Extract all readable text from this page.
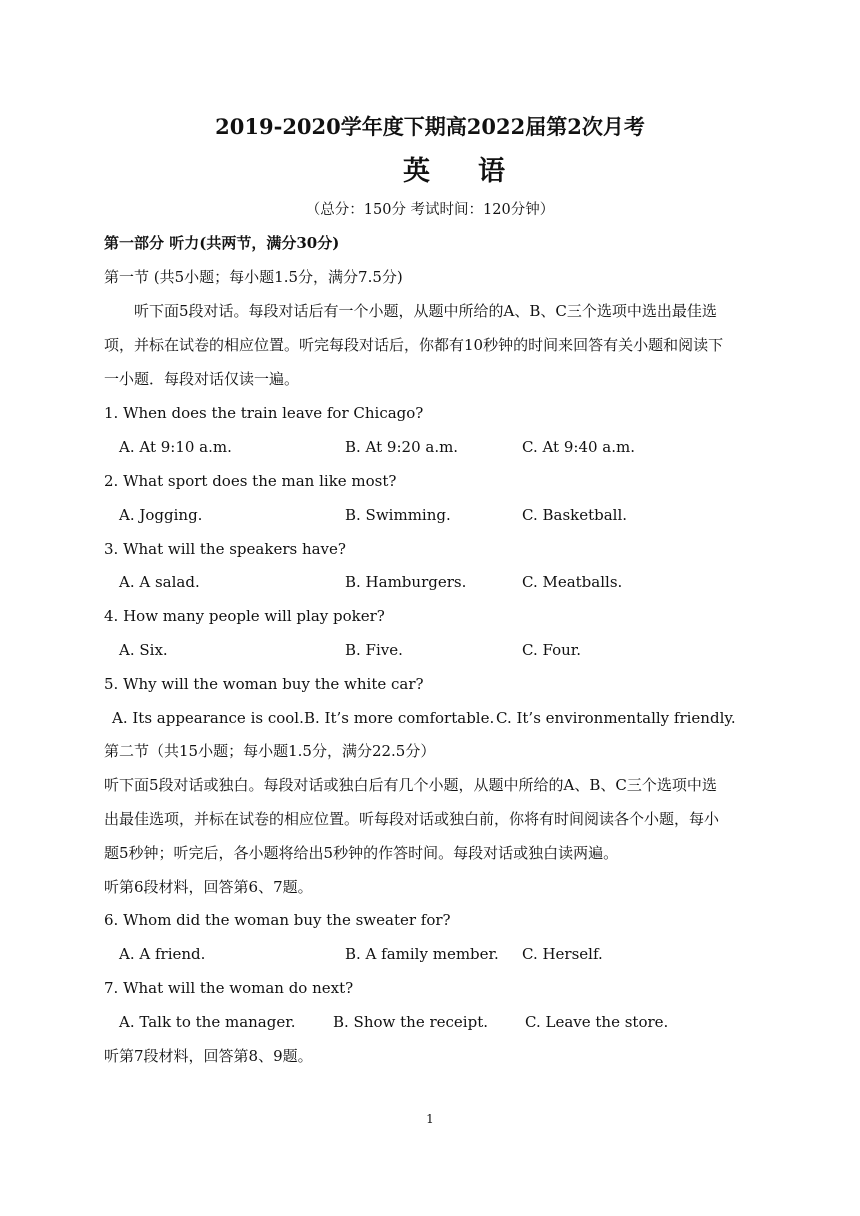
2019-2020学年度下期高2022届第2次月考
英语
（总分：150分 考试时间：120分钟）
第一部分 听力(共两节，满分30分)
第一节 (共5小题；每小题1.5分，满分7.5分)
听下面5段对话。每段对话后有一个小题，从题中所给的A、B、C三个选项中选出最佳选
项，并标在试卷的相应位置。听完每段对话后，你都有10秒钟的时间来回答有关小题和阅读下
一小题．每段对话仅读一遍。
1. When does the train leave for Chicago?
A. At 9:10 a.m.	B. At 9:20 a.m.	C. At 9:40 a.m.
2. What sport does the man like most?
A. Jogging.	B. Swimming.	C. Basketball.
3. What will the speakers have?
A. A salad.	B. Hamburgers.	C. Meatballs.
4. How many people will play poker?
A. Six.	B. Five.	C. Four.
5. Why will the woman buy the white car?
A. Its appearance is cool. B. It’s more comfortable. C. It’s environmentally friendly.
第二节（共15小题；每小题1.5分，满分22.5分）
听下面5段对话或独白。每段对话或独白后有几个小题，从题中所给的A、B、C三个选项中选
出最佳选项，并标在试卷的相应位置。听每段对话或独白前，你将有时间阅读各个小题，每小
题5秒钟；听完后，各小题将给出5秒钟的作答时间。每段对话或独白读两遍。
听第6段材料，回答第6、7题。
6. Whom did the woman buy the sweater for?
A. A friend.	B. A family member. C. Herself.
7. What will the woman do next?
A. Talk to the manager. B. Show the receipt. C. Leave the store.
听第7段材料，回答第8、9题。
1
